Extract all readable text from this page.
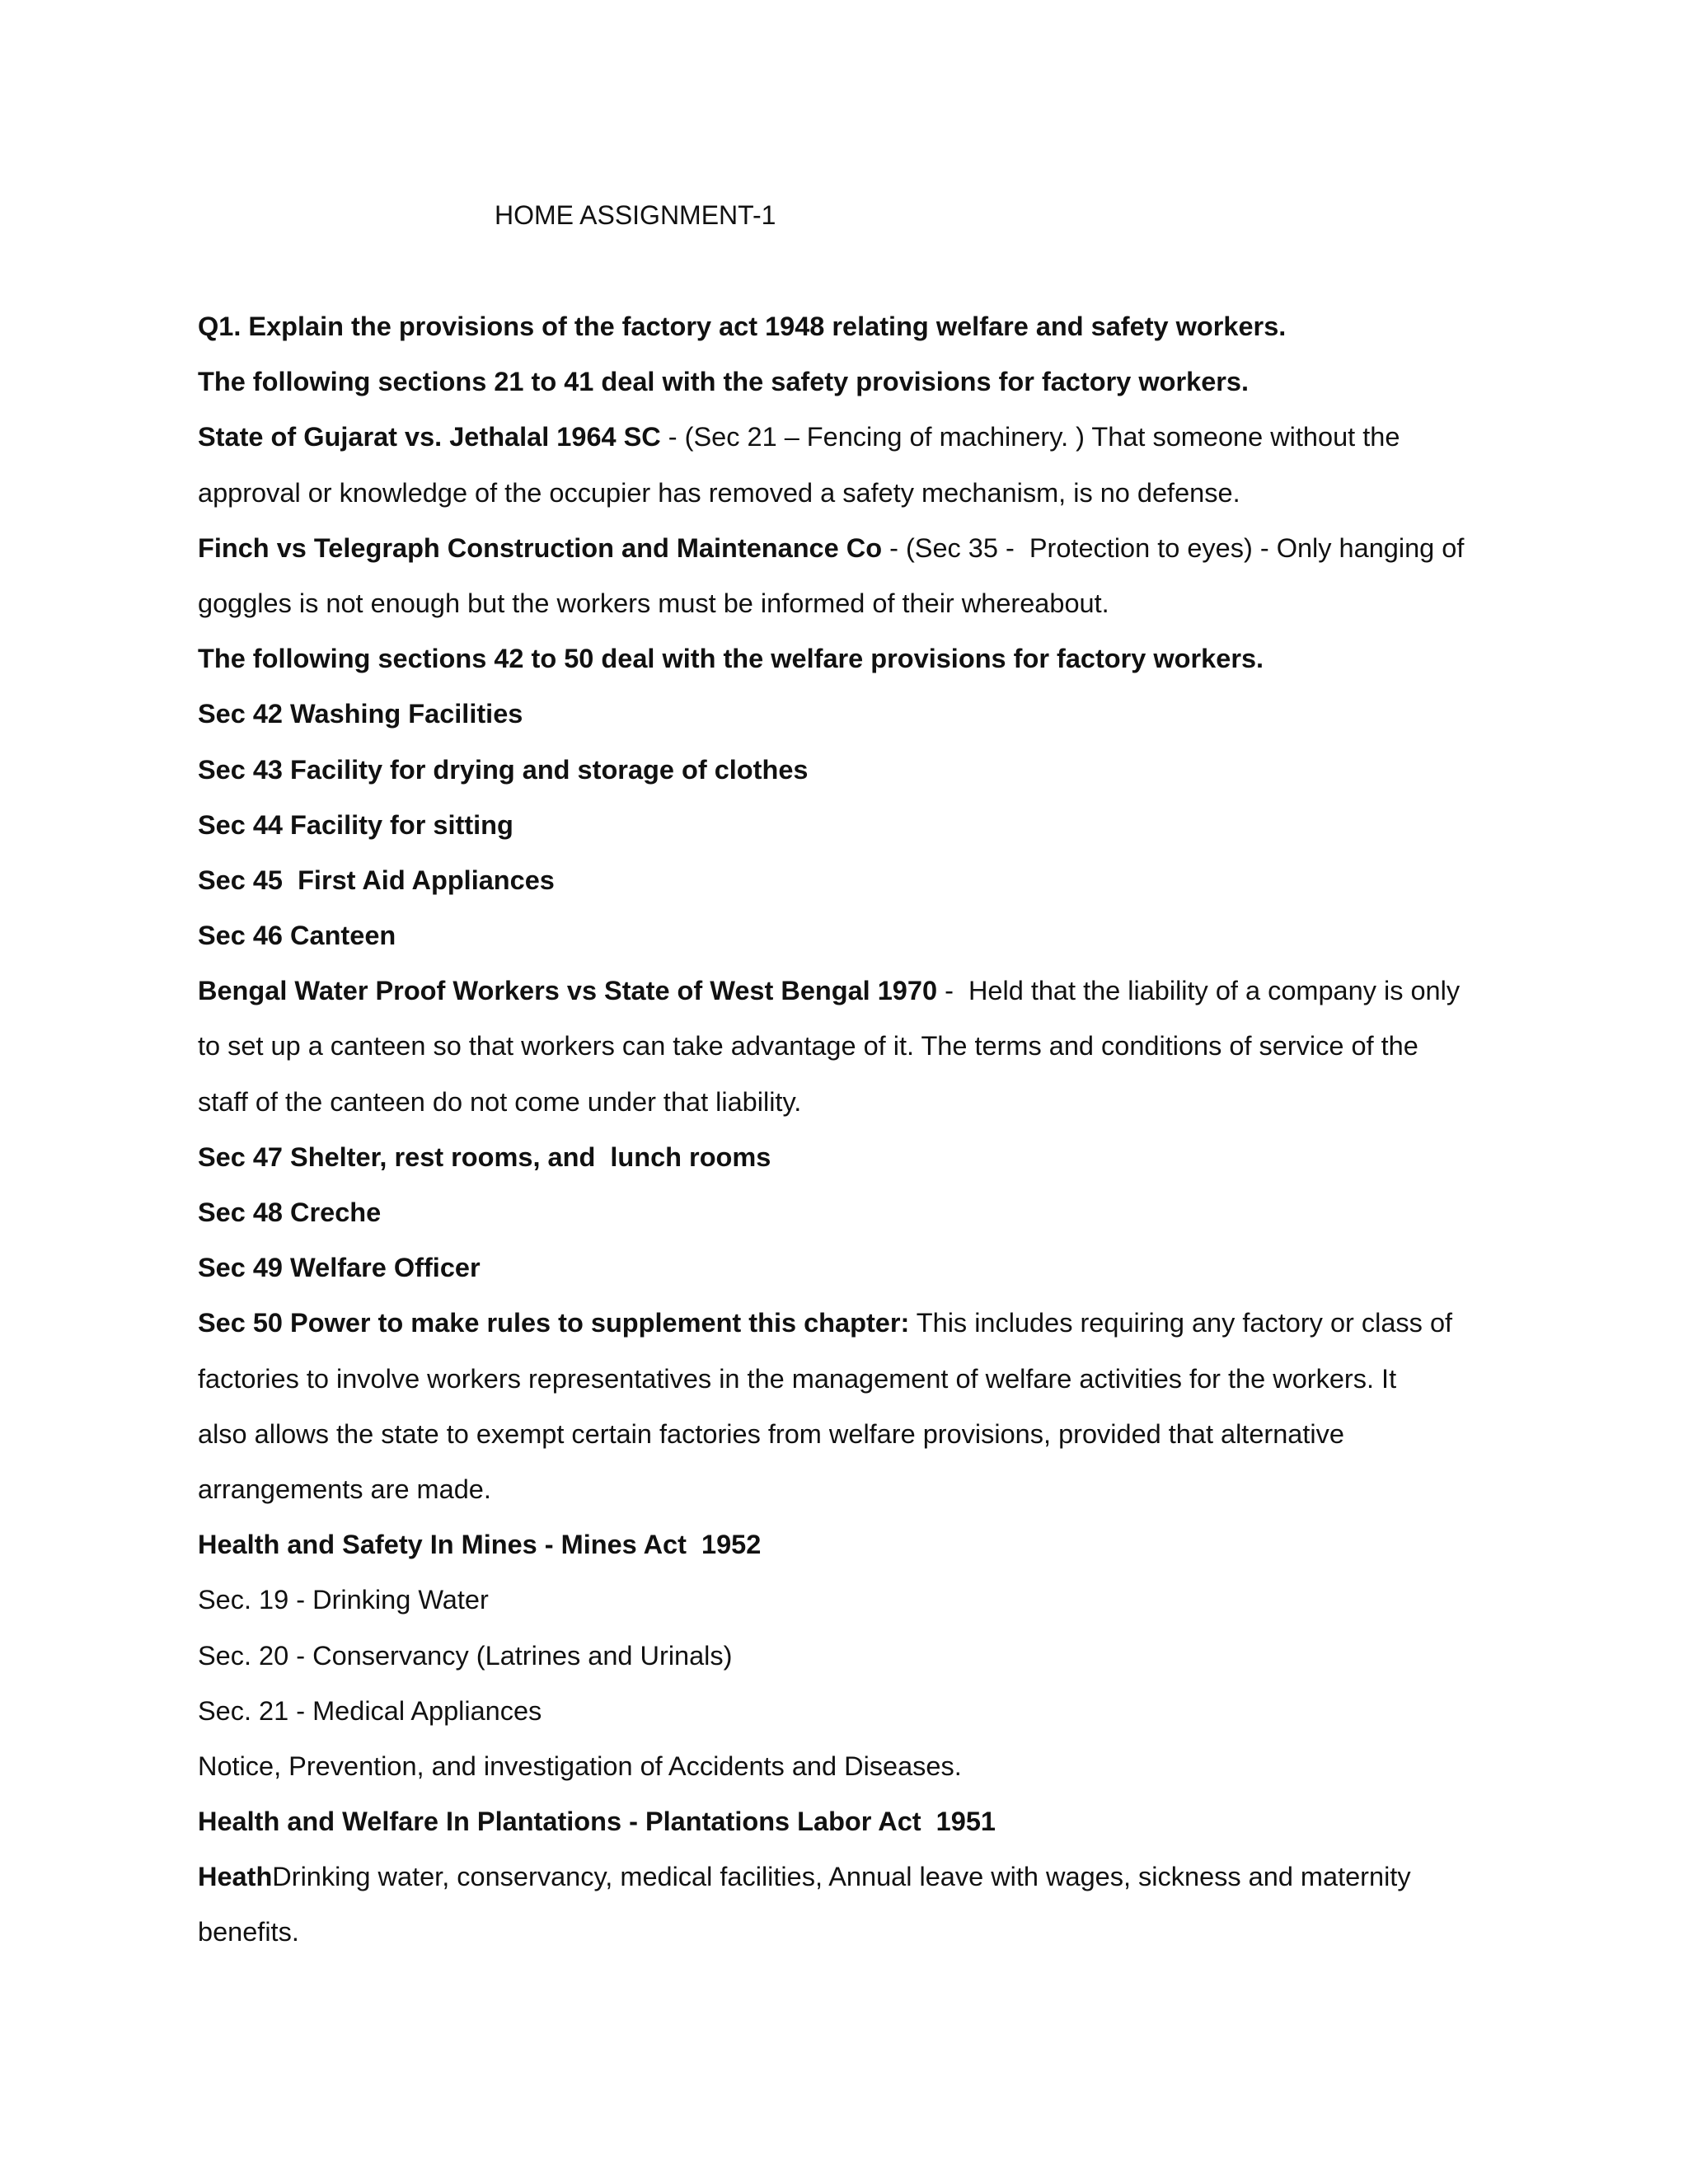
HOME ASSIGNMENT-1
Q1. Explain the provisions of the factory act 1948 relating welfare and safety workers.
The following sections 21 to 41 deal with the safety provisions for factory workers.
State of Gujarat vs. Jethalal 1964 SC - (Sec 21 – Fencing of machinery. ) That someone without the
approval or knowledge of the occupier has removed a safety mechanism, is no defense.
Finch vs Telegraph Construction and Maintenance Co - (Sec 35 -  Protection to eyes) - Only hanging of
goggles is not enough but the workers must be informed of their whereabout.
The following sections 42 to 50 deal with the welfare provisions for factory workers.
Sec 42 Washing Facilities
Sec 43 Facility for drying and storage of clothes
Sec 44 Facility for sitting
Sec 45  First Aid Appliances
Sec 46 Canteen
Bengal Water Proof Workers vs State of West Bengal 1970 -  Held that the liability of a company is only
to set up a canteen so that workers can take advantage of it. The terms and conditions of service of the
staff of the canteen do not come under that liability.
Sec 47 Shelter, rest rooms, and  lunch rooms
Sec 48 Creche
Sec 49 Welfare Officer
Sec 50 Power to make rules to supplement this chapter: This includes requiring any factory or class of
factories to involve workers representatives in the management of welfare activities for the workers. It
also allows the state to exempt certain factories from welfare provisions, provided that alternative
arrangements are made.
Health and Safety In Mines - Mines Act  1952
Sec. 19 - Drinking Water
Sec. 20 - Conservancy (Latrines and Urinals)
Sec. 21 - Medical Appliances
Notice, Prevention, and investigation of Accidents and Diseases.
Health and Welfare In Plantations - Plantations Labor Act  1951
HeathDrinking water, conservancy, medical facilities, Annual leave with wages, sickness and maternity
benefits.
